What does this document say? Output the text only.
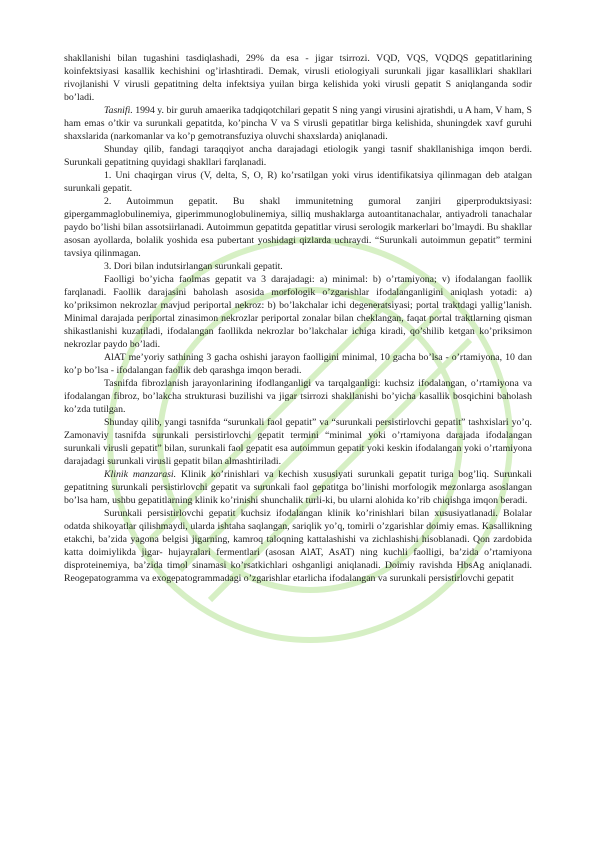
shakllanishi bilan tugashini tasdiqlashadi, 29% da esa - jigar tsirrozi. VQD, VQS, VQDQS gepatitlarining koinfektsiyasi kasallik kechishini og’irlashtiradi. Demak, virusli etiologiyali surunkali jigar kasalliklari shakllari rivojlanishi V virusli gepatitning delta infektsiya yuilan birga kelishida yoki virusli gepatit S aniqlanganda sodir bo’ladi.

Tasnifi. 1994 y. bir guruh amaerika tadqiqotchilari gepatit S ning yangi virusini ajratishdi, u A ham, V ham, S ham emas o’tkir va surunkali gepatitda, ko’pincha V va S virusli gepatitlar birga kelishida, shuningdek xavf guruhi shaxslarida (narkomanlar va ko’p gemotransfuziya oluvchi shaxslarda) aniqlanadi.

Shunday qilib, fandagi taraqqiyot ancha darajadagi etiologik yangi tasnif shakllanishiga imqon berdi. Surunkali gepatitning quyidagi shakllari farqlanadi.

1. Uni chaqirgan virus (V, delta, S, O, R) ko’rsatilgan yoki virus identifikatsiya qilinmagan deb atalgan surunkali gepatit.

2. Autoimmun gepatit. Bu shakl immunitetning gumoral zanjiri giperproduktsiyasi: gipergammaglobulinemiya, giperimmunoglobulinemiya, silliq mushaklarga autoantitanachalar, antiyadroli tanachalar paydo bo’lishi bilan assotsiirlanadi. Autoimmun gepatitda gepatitlar virusi serologik markerlari bo’lmaydi. Bu shakllar asosan ayollarda, bolalik yoshida esa pubertant yoshidagi qizlarda uchraydi. “Surunkali autoimmun gepatit” termini tavsiya qilinmagan.

3. Dori bilan indutsirlangan surunkali gepatit.

Faolligi bo’yicha faolmas gepatit va 3 darajadagi: a) minimal: b) o’rtamiyona; v) ifodalangan faollik farqlanadi. Faollik darajasini baholash asosida morfologik o’zgarishlar ifodalanganligini aniqlash yotadi: a) ko’priksimon nekrozlar mavjud periportal nekroz: b) bo’lakchalar ichi degeneratsiyasi; portal traktdagi yallig’lanish. Minimal darajada periportal zinasimon nekrozlar periportal zonalar bilan cheklangan, faqat portal traktlarning qisman shikastlanishi kuzatiladi, ifodalangan faollikda nekrozlar bo’lakchalar ichiga kiradi, qo’shilib ketgan ko’priksimon nekrozlar paydo bo’ladi.

AlAT me’yoriy sathining 3 gacha oshishi jarayon faolligini minimal, 10 gacha bo’lsa - o’rtamiyona, 10 dan ko’p bo’lsa - ifodalangan faollik deb qarashga imqon beradi.

Tasnifda fibrozlanish jarayonlarining ifodlanganligi va tarqalganligi: kuchsiz ifodalangan, o’rtamiyona va ifodalangan fibroz, bo’lakcha strukturasi buzilishi va jigar tsirrozi shakllanishi bo’yicha kasallik bosqichini baholash ko’zda tutilgan.

Shunday qilib, yangi tasnifda “surunkali faol gepatit” va “surunkali persistirlovchi gepatit” tashxislari yo’q. Zamonaviy tasnifda surunkali persistirlovchi gepatit termini “minimal yoki o’rtamiyona darajada ifodalangan surunkali virusli gepatit” bilan, surunkali faol gepatit esa autoimmun gepatit yoki keskin ifodalangan yoki o’rtamiyona darajadagi surunkali virusli gepatit bilan almashtiriladi.

Klinik manzarasi. Klinik ko’rinishlari va kechish xususiyati surunkali gepatit turiga bog’liq. Surunkali gepatitning surunkali persistirlovchi gepatit va surunkali faol gepatitga bo’linishi morfologik mezonlarga asoslangan bo’lsa ham, ushbu gepatitlarning klinik ko’rinishi shunchalik turli-ki, bu ularni alohida ko’rib chiqishga imqon beradi.

Surunkali persistirlovchi gepatit kuchsiz ifodalangan klinik ko’rinishlari bilan xususiyatlanadi. Bolalar odatda shikoyatlar qilishmaydi, ularda ishtaha saqlangan, sariqlik yo’q, tomirli o’zgarishlar doimiy emas. Kasallikning etakchi, ba’zida yagona belgisi jigarning, kamroq taloqning kattalashishi va zichlashishi hisoblanadi. Qon zardobida katta doimiylikda jigar- hujayralari fermentlari (asosan AlAT, AsAT) ning kuchli faolligi, ba’zida o’rtamiyona disproteinemiya, ba’zida timol sinamasi ko’rsatkichlari oshganligi aniqlanadi. Doimiy ravishda HbsAg aniqlanadi. Reogepatogramma va exogepatogrammadagi o’zgarishlar etarlicha ifodalangan va surunkali persistirlovchi gepatit
